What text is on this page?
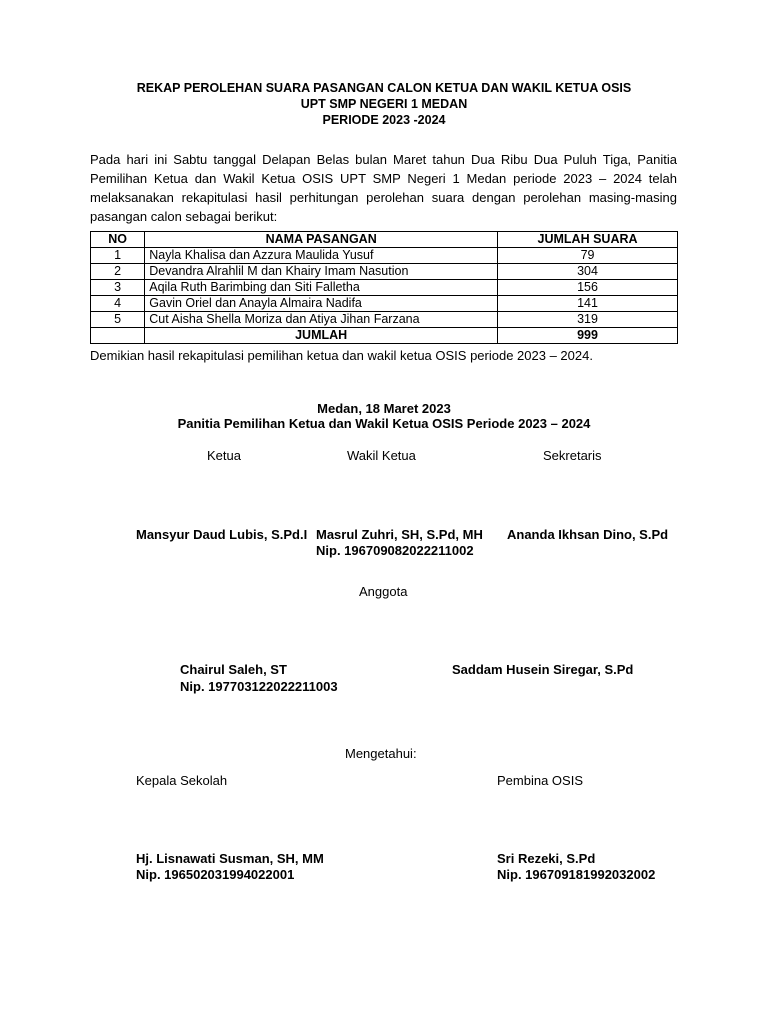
REKAP PEROLEHAN SUARA PASANGAN CALON KETUA DAN WAKIL KETUA OSIS
UPT SMP NEGERI 1 MEDAN
PERIODE 2023 -2024
Pada hari ini Sabtu tanggal Delapan Belas bulan Maret tahun Dua Ribu Dua Puluh Tiga, Panitia
Pemilihan Ketua dan Wakil Ketua OSIS UPT SMP Negeri 1 Medan periode 2023 – 2024 telah
melaksanakan rekapitulasi hasil perhitungan perolehan suara dengan perolehan masing-masing
pasangan calon sebagai berikut:
NO	NAMA PASANGAN	JUMLAH SUARA
1	Nayla Khalisa dan Azzura Maulida Yusuf	79
2	Devandra Alrahlil M dan Khairy Imam Nasution	304
3	Aqila Ruth Barimbing dan Siti Falletha	156
4	Gavin Oriel dan Anayla Almaira Nadifa	141
5	Cut Aisha Shella Moriza dan Atiya Jihan Farzana	319
	JUMLAH	999
Demikian hasil rekapitulasi pemilihan ketua dan wakil ketua OSIS periode 2023 – 2024.
Medan, 18 Maret 2023
Panitia Pemilihan Ketua dan Wakil Ketua OSIS Periode 2023 – 2024
Ketua	Wakil Ketua	Sekretaris
Mansyur Daud Lubis, S.Pd.I Masrul Zuhri, SH, S.Pd, MH
Nip. 196709082022211002
Ananda Ikhsan Dino, S.Pd
Anggota
Chairul Saleh, ST
Nip. 197703122022211003
Saddam Husein Siregar, S.Pd
Mengetahui:
Kepala Sekolah	Pembina OSIS
Hj. Lisnawati Susman, SH, MM
Nip. 196502031994022001
Sri Rezeki, S.Pd
Nip. 196709181992032002
